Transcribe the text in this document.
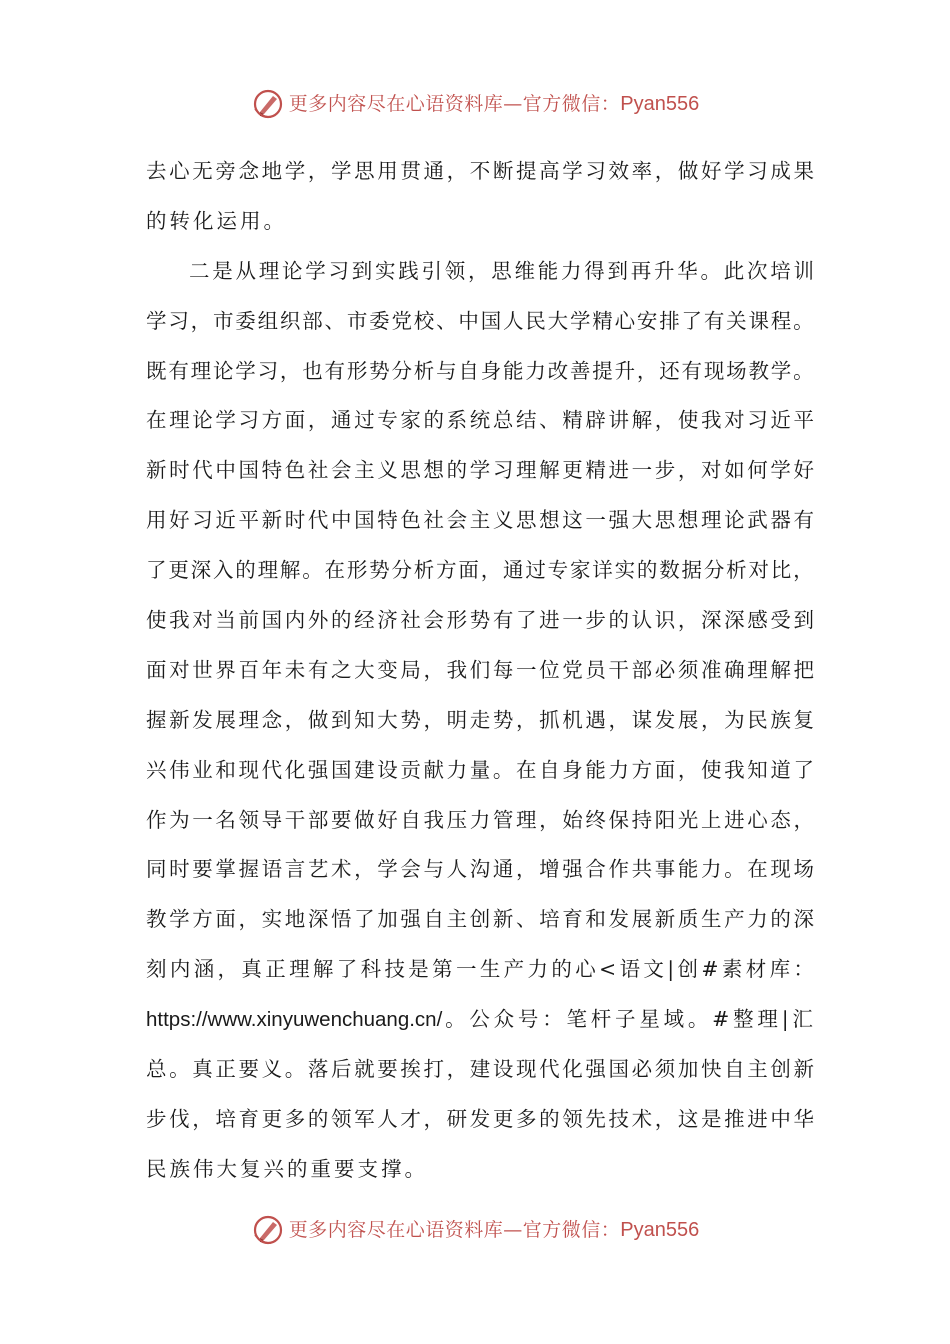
更多内容尽在心语资料库—官方微信：Pyan556
去 心 无 旁 念 地 学 ， 学 思 用 贯 通 ， 不 断 提 高 学 习 效 率 ， 做 好 学 习 成 果
的转化运用。
二 是 从 理 论 学 习 到 实 践 引 领 ， 思 维 能 力 得 到 再 升 华 。 此 次 培 训
学 习 ， 市 委 组 织 部 、 市 委 党 校 、 中 国 人 民 大 学 精 心 安 排 了 有 关 课 程 。
既 有 理 论 学 习 ， 也 有 形 势 分 析 与 自 身 能 力 改 善 提 升 ， 还 有 现 场 教 学 。
在 理 论 学 习 方 面 ， 通 过 专 家 的 系 统 总 结 、 精 辟 讲 解 ， 使 我 对 习 近 平
新 时 代 中 国 特 色 社 会 主 义 思 想 的 学 习 理 解 更 精 进 一 步 ， 对 如 何 学 好
用 好 习 近 平 新 时 代 中 国 特 色 社 会 主 义 思 想 这 一 强 大 思 想 理 论 武 器 有
了 更 深 入 的 理 解 。 在 形 势 分 析 方 面 ， 通 过 专 家 详 实 的 数 据 分 析 对 比 ，
使 我 对 当 前 国 内 外 的 经 济 社 会 形 势 有 了 进 一 步 的 认 识 ， 深 深 感 受 到
面 对 世 界 百 年 未 有 之 大 变 局 ， 我 们 每 一 位 党 员 干 部 必 须 准 确 理 解 把
握 新 发 展 理 念 ， 做 到 知 大 势 ， 明 走 势 ， 抓 机 遇 ， 谋 发 展 ， 为 民 族 复
兴 伟 业 和 现 代 化 强 国 建 设 贡 献 力 量 。 在 自 身 能 力 方 面 ， 使 我 知 道 了
作 为 一 名 领 导 干 部 要 做 好 自 我 压 力 管 理 ， 始 终 保 持 阳 光 上 进 心 态 ，
同 时 要 掌 握 语 言 艺 术 ， 学 会 与 人 沟 通 ， 增 强 合 作 共 事 能 力 。 在 现 场
教 学 方 面 ， 实 地 深 悟 了 加 强 自 主 创 新 、 培 育 和 发 展 新 质 生 产 力 的 深
刻 内 涵 ， 真 正 理 解 了 科 技 是 第 一 生 产 力 的 心 < 语 文 | 创 # 素 材 库 ：
https://www.xinyuwenchuang.cn/ 。 公 众 号 ： 笔 杆 子 星 域 。 # 整 理 | 汇
总 。 真 正 要 义 。 落 后 就 要 挨 打 ， 建 设 现 代 化 强 国 必 须 加 快 自 主 创 新
步 伐 ， 培 育 更 多 的 领 军 人 才 ， 研 发 更 多 的 领 先 技 术 ， 这 是 推 进 中 华
民族伟大复兴的重要支撑。
更多内容尽在心语资料库—官方微信：Pyan556
